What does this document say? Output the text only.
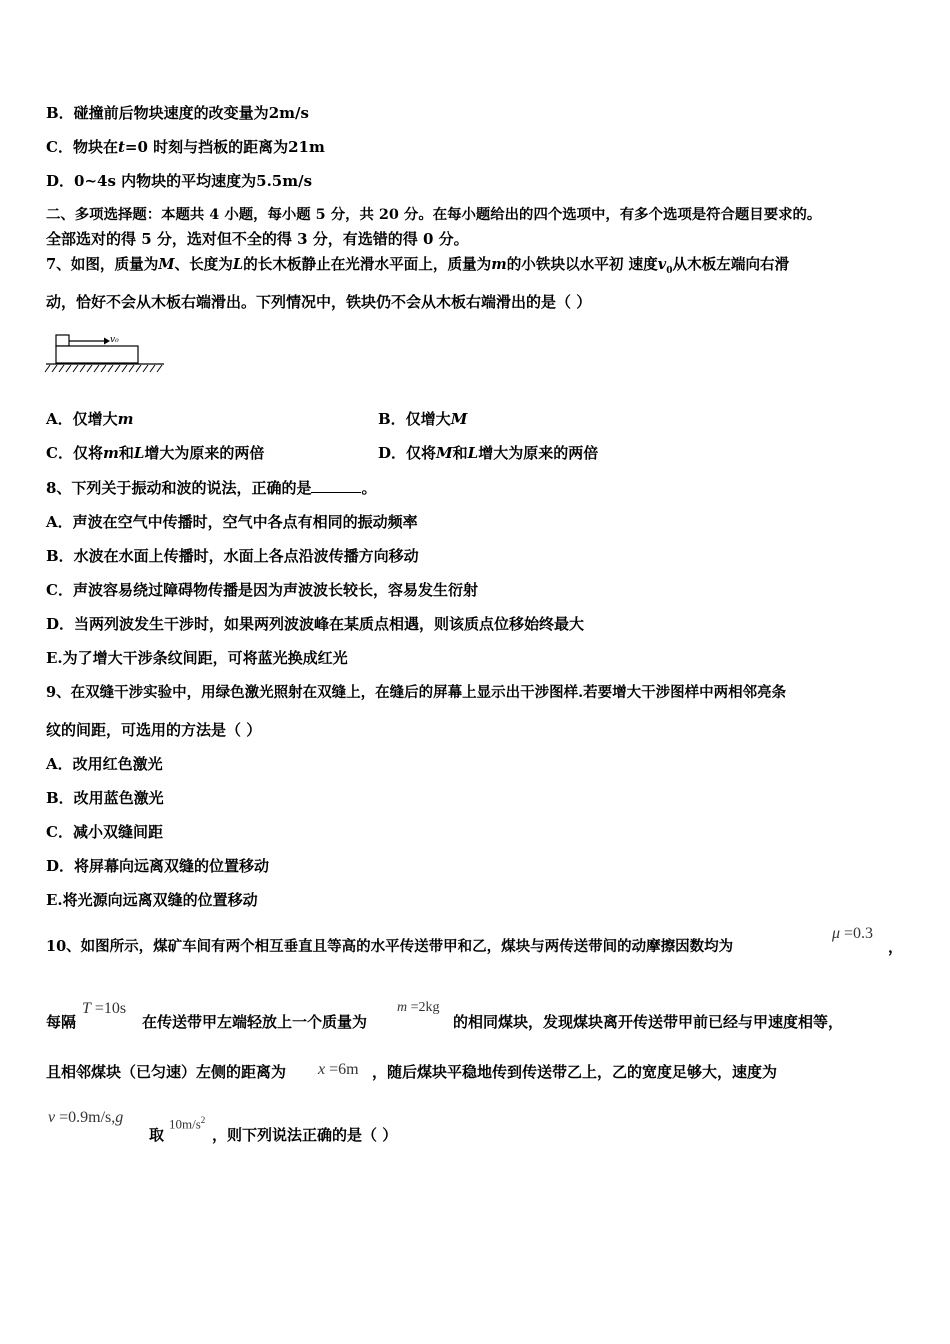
B．碰撞前后物块速度的改变量为2m/s
C．物块在t=0 时刻与挡板的距离为21m
D．0~4s 内物块的平均速度为5.5m/s
二、多项选择题：本题共 4 小题，每小题 5 分，共 20 分。在每小题给出的四个选项中，有多个选项是符合题目要求的。
全部选对的得 5 分，选对但不全的得 3 分，有选错的得 0 分。
7、如图，质量为M、长度为L的长木板静止在光滑水平面上，质量为m的小铁块以水平初 速度$v_0$从木板左端向右滑
动，恰好不会从木板右端滑出。下列情况中，铁块仍不会从木板右端滑出的是（ ）
v₀
A．仅增大m	B．仅增大M
C．仅将m和L增大为原来的两倍	D．仅将M和L增大为原来的两倍
8、下列关于振动和波的说法，正确的是	。
A．声波在空气中传播时，空气中各点有相同的振动频率
B．水波在水面上传播时，水面上各点沿波传播方向移动
C．声波容易绕过障碍物传播是因为声波波长较长，容易发生衍射
D．当两列波发生干涉时，如果两列波波峰在某质点相遇，则该质点位移始终最大
E.为了增大干涉条纹间距，可将蓝光换成红光
9、在双缝干涉实验中，用绿色激光照射在双缝上，在缝后的屏幕上显示出干涉图样.若要增大干涉图样中两相邻亮条
纹的间距，可选用的方法是（ ）
A．改用红色激光
B．改用蓝色激光
C．减小双缝间距
D．将屏幕向远离双缝的位置移动
E.将光源向远离双缝的位置移动
10、如图所示，煤矿车间有两个相互垂直且等高的水平传送带甲和乙，煤块与两传送带间的动摩擦因数均为
μ =0.3
，
每隔
T =10s
在传送带甲左端轻放上一个质量为
m =2kg
的相同煤块，发现煤块离开传送带甲前已经与甲速度相等，
且相邻煤块（已匀速）左侧的距离为 x =6m ，随后煤块平稳地传到传送带乙上，乙的宽度足够大，速度为
v =0.9m/s,g
取
$10m/s^2$
，则下列说法正确的是（ ）
